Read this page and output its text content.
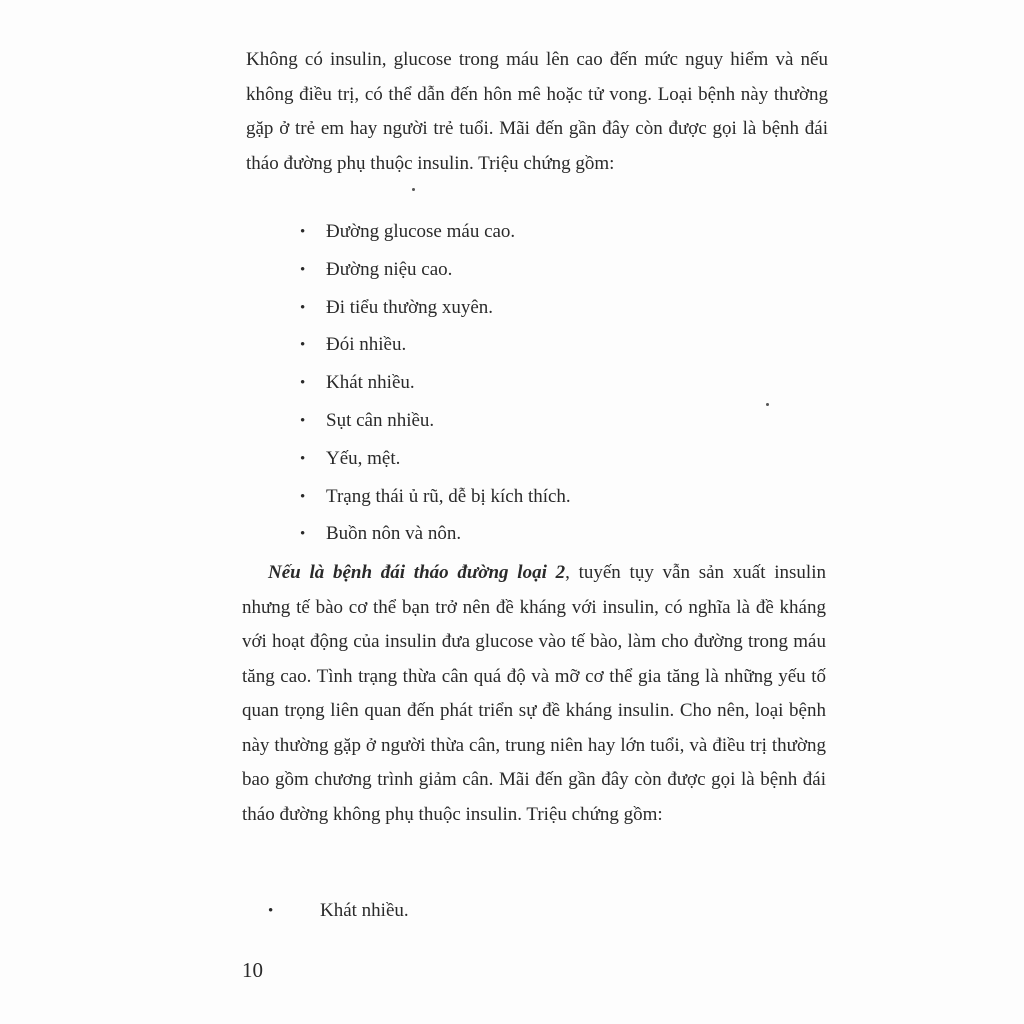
Không có insulin, glucose trong máu lên cao đến mức nguy hiểm và nếu không điều trị, có thể dẫn đến hôn mê hoặc tử vong. Loại bệnh này thường gặp ở trẻ em hay người trẻ tuổi. Mãi đến gần đây còn được gọi là bệnh đái tháo đường phụ thuộc insulin. Triệu chứng gồm:

• Đường glucose máu cao.
• Đường niệu cao.
• Đi tiểu thường xuyên.
• Đói nhiều.
• Khát nhiều.
• Sụt cân nhiều.
• Yếu, mệt.
• Trạng thái ủ rũ, dễ bị kích thích.
• Buồn nôn và nôn.

Nếu là bệnh đái tháo đường loại 2, tuyến tụy vẫn sản xuất insulin nhưng tế bào cơ thể bạn trở nên đề kháng với insulin, có nghĩa là đề kháng với hoạt động của insulin đưa glucose vào tế bào, làm cho đường trong máu tăng cao. Tình trạng thừa cân quá độ và mỡ cơ thể gia tăng là những yếu tố quan trọng liên quan đến phát triển sự đề kháng insulin. Cho nên, loại bệnh này thường gặp ở người thừa cân, trung niên hay lớn tuổi, và điều trị thường bao gồm chương trình giảm cân. Mãi đến gần đây còn được gọi là bệnh đái tháo đường không phụ thuộc insulin. Triệu chứng gồm:

• Khát nhiều.
10
